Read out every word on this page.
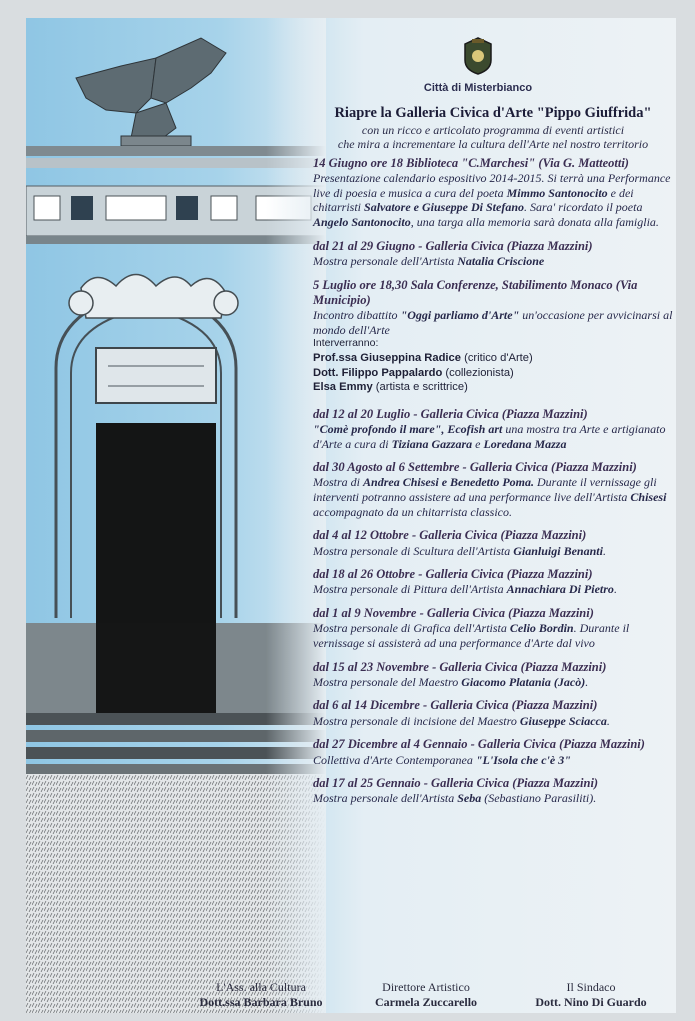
Città di Misterbianco
Riapre la Galleria Civica d'Arte "Pippo Giuffrida"
con un ricco e articolato programma di eventi artistici
che mira a incrementare la cultura dell'Arte nel nostro territorio
14 Giugno ore 18 Biblioteca "C.Marchesi" (Via G. Matteotti)
Presentazione calendario espositivo 2014-2015. Si terrà una Performance live di poesia e musica a cura del poeta Mimmo Santonocito e dei chitarristi Salvatore e Giuseppe Di Stefano. Sara' ricordato il poeta Angelo Santonocito, una targa alla memoria sarà donata alla famiglia.
dal 21 al 29 Giugno - Galleria Civica (Piazza Mazzini)
Mostra personale dell'Artista Natalia Criscione
5 Luglio ore 18,30 Sala Conferenze, Stabilimento Monaco (Via Municipio)
Incontro dibattito "Oggi parliamo d'Arte" un'occasione per avvicinarsi al mondo dell'Arte
Interverranno:
Prof.ssa Giuseppina Radice (critico d'Arte)
Dott. Filippo Pappalardo (collezionista)
Elsa Emmy (artista e scrittrice)
dal 12 al 20 Luglio - Galleria Civica (Piazza Mazzini)
"Comè profondo il mare", Ecofish art una mostra tra Arte e artigianato d'Arte a cura di Tiziana Gazzara e Loredana Mazza
dal 30 Agosto al 6 Settembre - Galleria Civica (Piazza Mazzini)
Mostra di Andrea Chisesi e Benedetto Poma. Durante il vernissage gli interventi potranno assistere ad una performance live dell'Artista Chisesi accompagnato da un chitarrista classico.
dal 4 al 12 Ottobre - Galleria Civica (Piazza Mazzini)
Mostra personale di Scultura dell'Artista Gianluigi Benanti.
dal 18 al 26 Ottobre - Galleria Civica (Piazza Mazzini)
Mostra personale di Pittura dell'Artista Annachiara Di Pietro.
dal 1 al 9 Novembre - Galleria Civica (Piazza Mazzini)
Mostra personale di Grafica dell'Artista Celio Bordin. Durante il vernissage si assisterà ad una performance d'Arte dal vivo
dal 15 al 23 Novembre - Galleria Civica (Piazza Mazzini)
Mostra personale del Maestro Giacomo Platania (Jacò).
dal 6 al 14 Dicembre - Galleria Civica (Piazza Mazzini)
Mostra personale di incisione del Maestro Giuseppe Sciacca.
dal 27 Dicembre al 4 Gennaio - Galleria Civica (Piazza Mazzini)
Collettiva d'Arte Contemporanea "L'Isola che c'è 3"
dal 17 al 25 Gennaio - Galleria Civica (Piazza Mazzini)
Mostra personale dell'Artista Seba (Sebastiano Parasiliti).
L'Ass. alla Cultura
Dott.ssa Barbara Bruno
Direttore Artistico
Carmela Zuccarello
Il Sindaco
Dott. Nino Di Guardo
